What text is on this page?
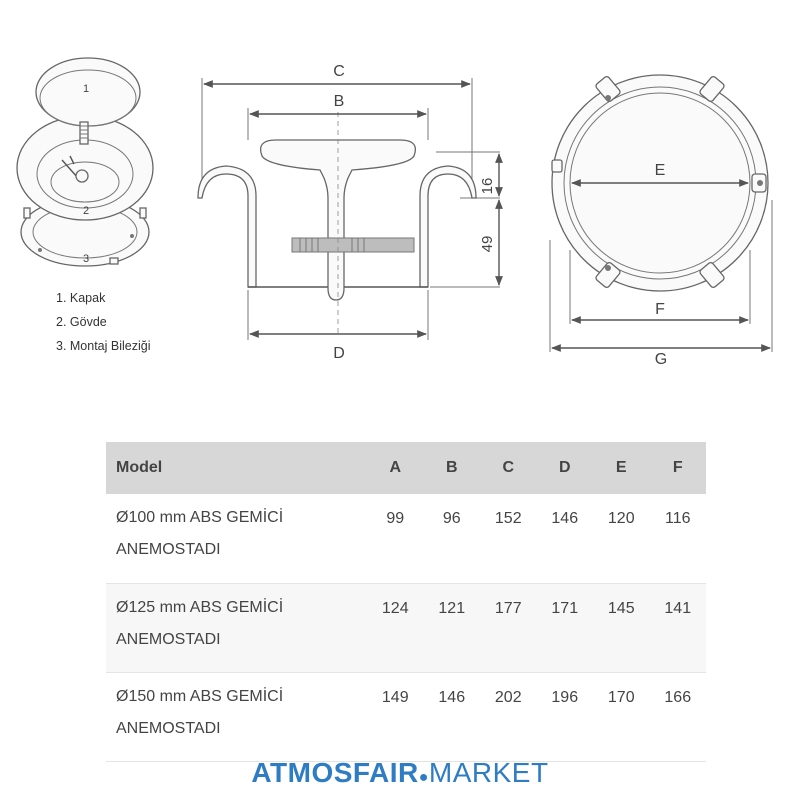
1
2
3
C
B
D
16
49
E
F
G
1. Kapak
2. Gövde
3. Montaj Bileziği
Model	A	B	C	D	E	F
Ø100 mm ABS GEMİCİ ANEMOSTADI	99	96	152	146	120	116
Ø125 mm ABS GEMİCİ ANEMOSTADI	124	121	177	171	145	141
Ø150 mm ABS GEMİCİ ANEMOSTADI	149	146	202	196	170	166
ATMOSFAIR●MARKET
